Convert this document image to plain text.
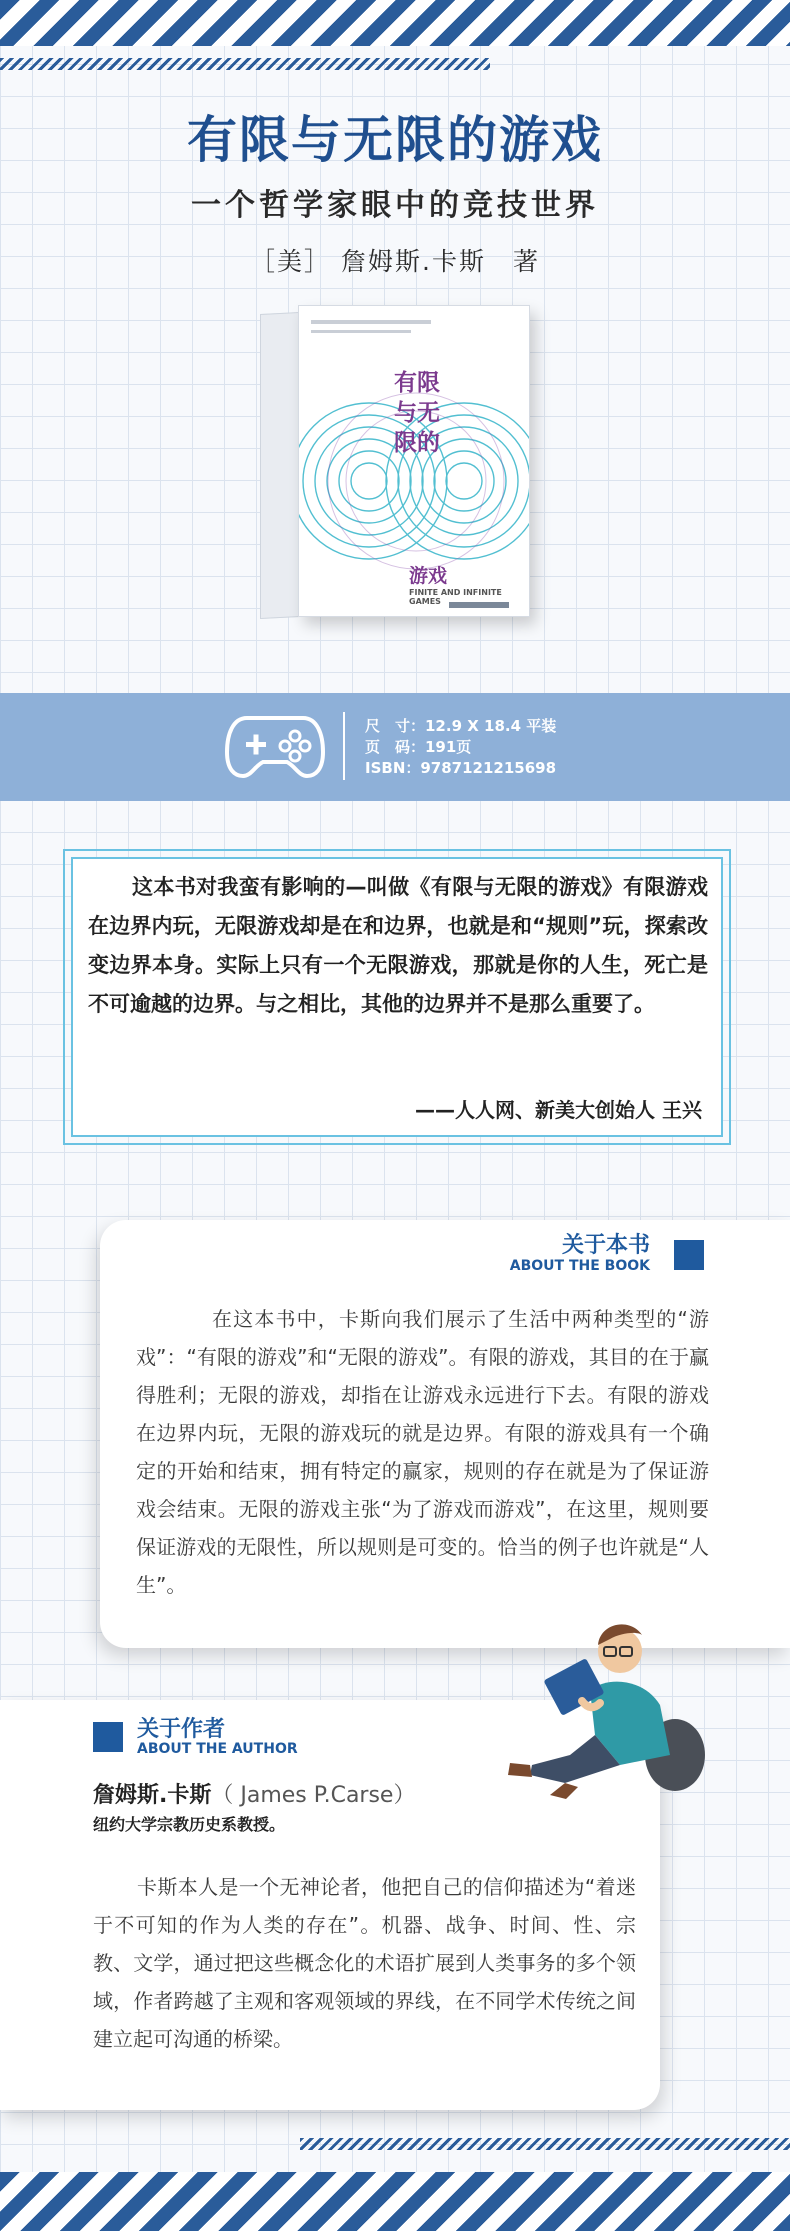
有限与无限的游戏
一个哲学家眼中的竞技世界
［美］ 詹姆斯.卡斯　著
有限与无限的
游戏
FINITE AND INFINITE GAMES
尺　寸：12.9 X 18.4 平装
页　码：191页
ISBN：9787121215698
这本书对我蛮有影响的—叫做《有限与无限的游戏》有限游戏在边界内玩，无限游戏却是在和边界，也就是和“规则”玩，探索改变边界本身。实际上只有一个无限游戏，那就是你的人生，死亡是不可逾越的边界。与之相比，其他的边界并不是那么重要了。
——人人网、新美大创始人 王兴
关于本书
ABOUT THE BOOK
在这本书中，卡斯向我们展示了生活中两种类型的“游戏”：“有限的游戏”和“无限的游戏”。有限的游戏，其目的在于赢得胜利；无限的游戏，却指在让游戏永远进行下去。有限的游戏在边界内玩，无限的游戏玩的就是边界。有限的游戏具有一个确定的开始和结束，拥有特定的赢家，规则的存在就是为了保证游戏会结束。无限的游戏主张“为了游戏而游戏”，在这里，规则要保证游戏的无限性，所以规则是可变的。恰当的例子也许就是“人生”。
关于作者
ABOUT THE AUTHOR
詹姆斯.卡斯（ James P.Carse）
纽约大学宗教历史系教授。
卡斯本人是一个无神论者，他把自己的信仰描述为“着迷于不可知的作为人类的存在”。机器、战争、时间、性、宗教、文学，通过把这些概念化的术语扩展到人类事务的多个领域，作者跨越了主观和客观领域的界线，在不同学术传统之间建立起可沟通的桥梁。
